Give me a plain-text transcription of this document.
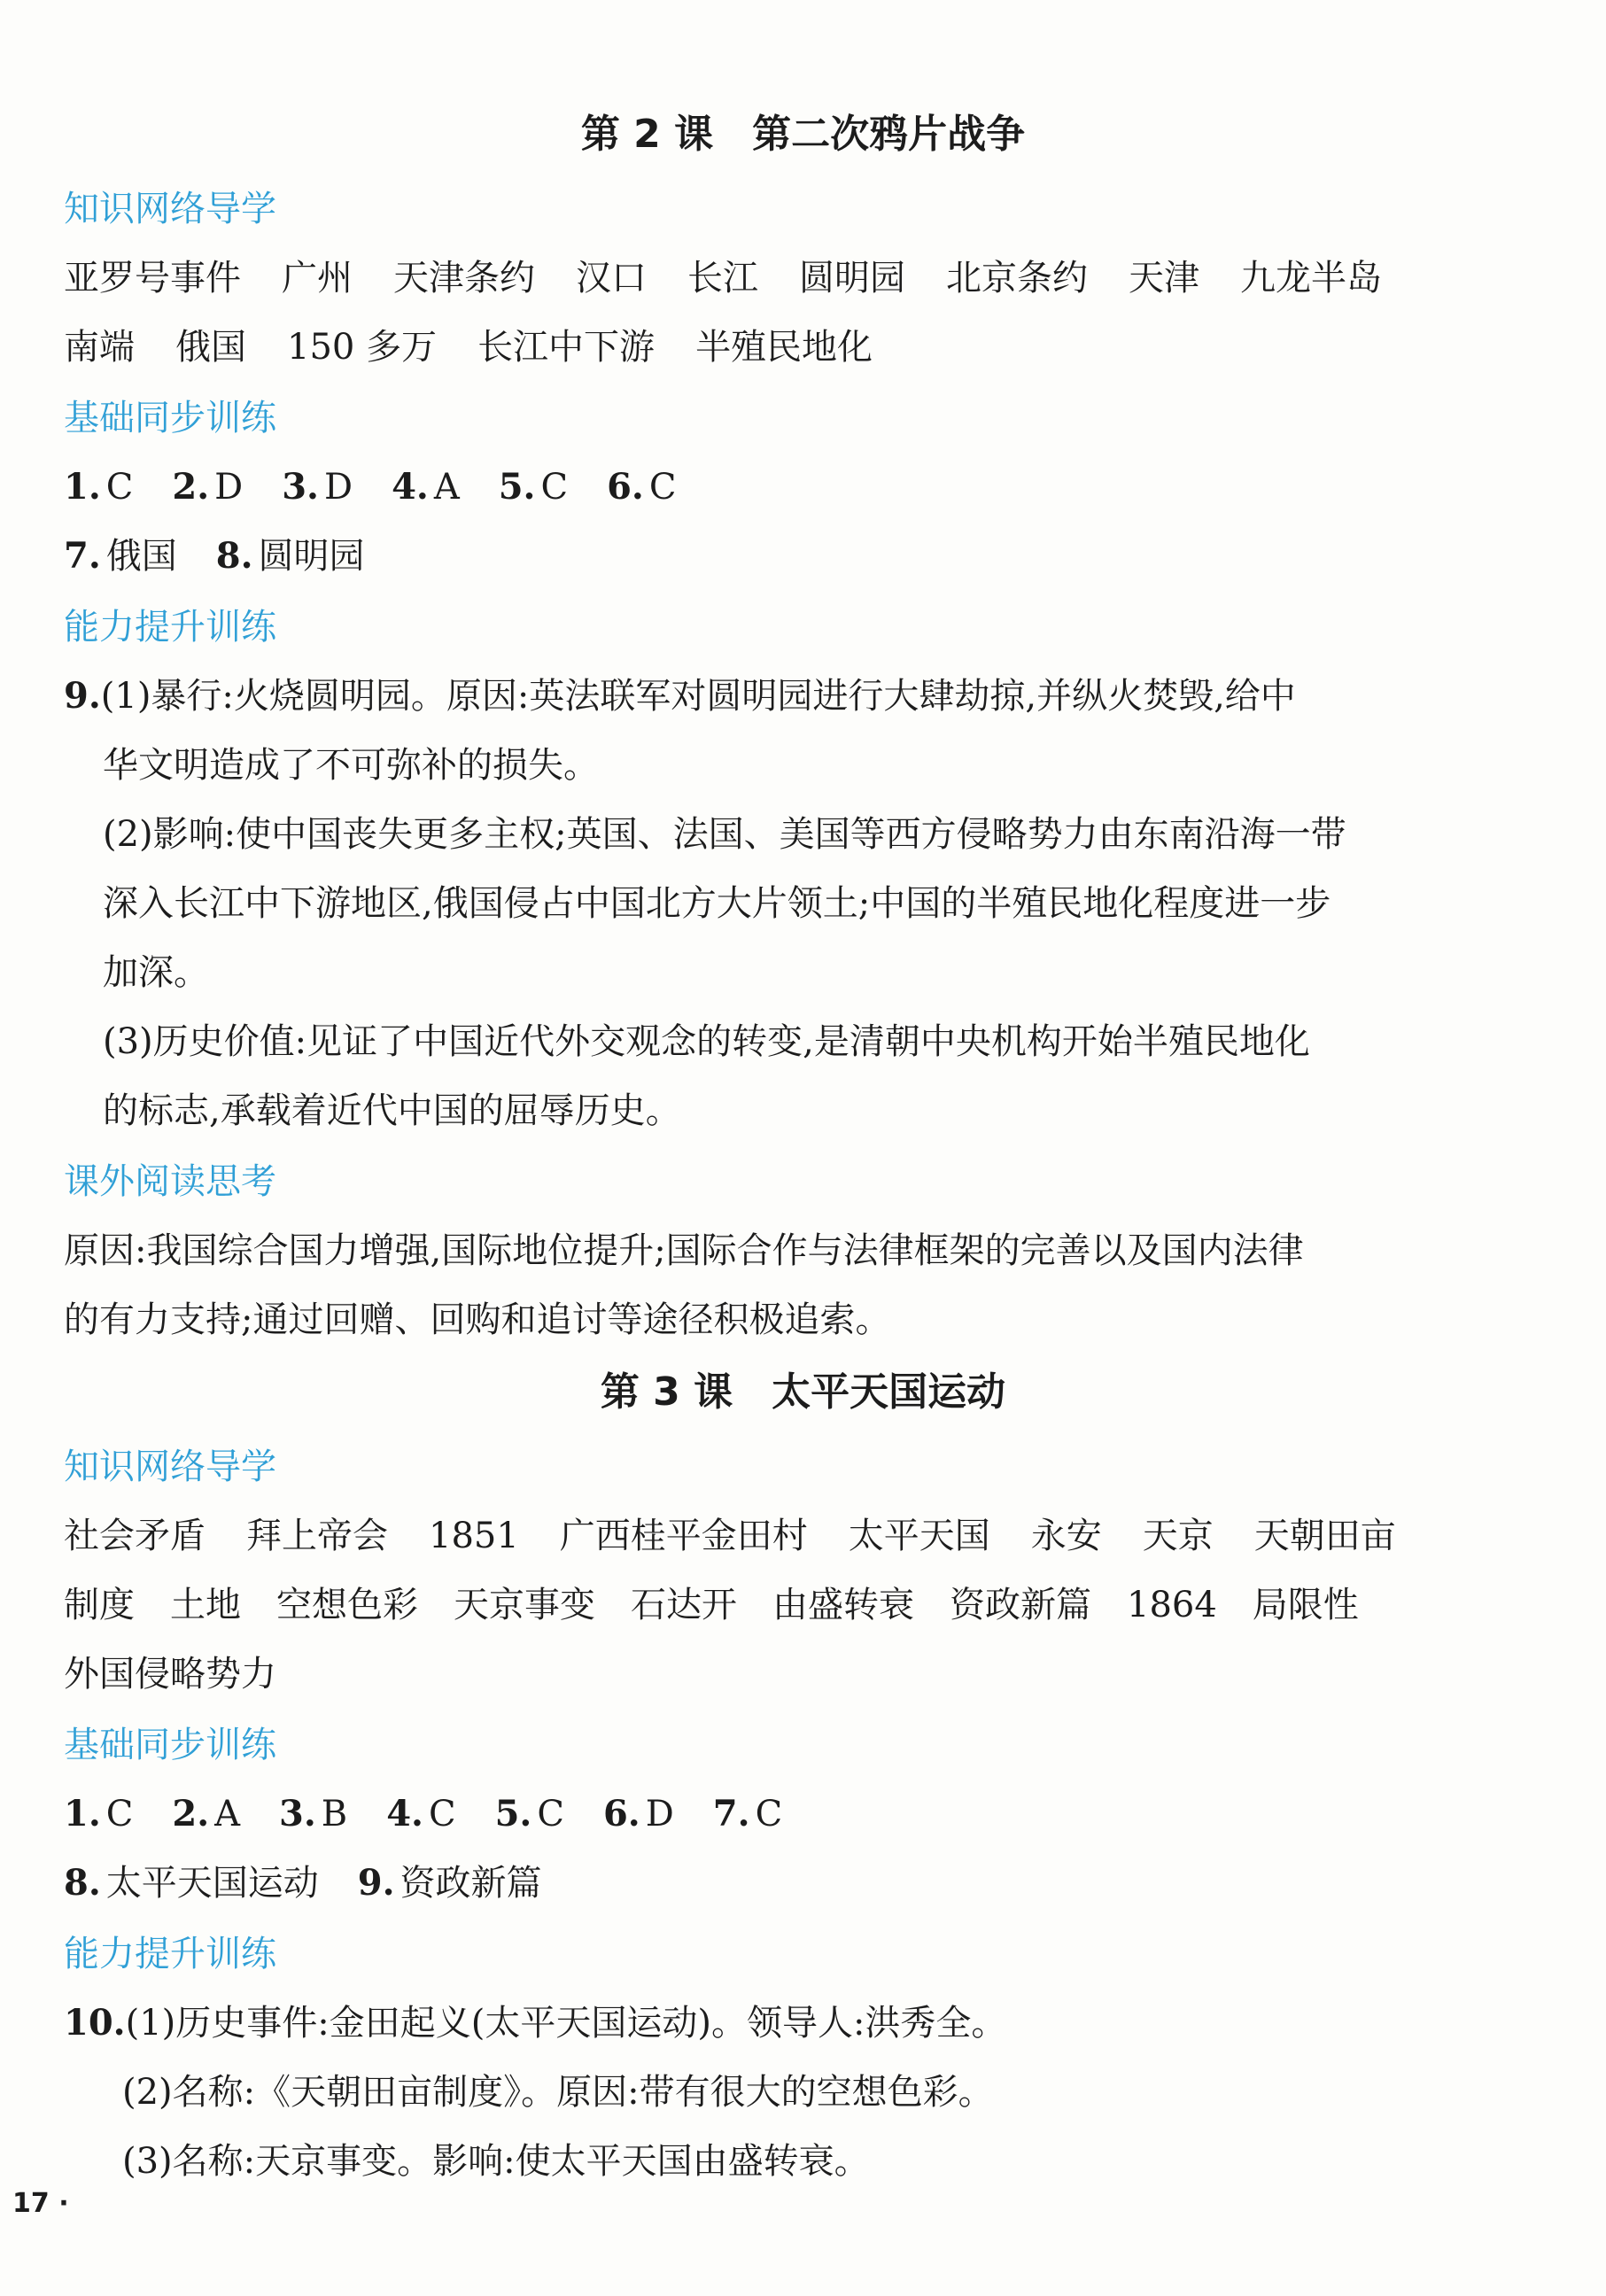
第 2 课　第二次鸦片战争
知识网络导学
亚罗号事件 广州 天津条约 汉口 长江 圆明园 北京条约 天津 九龙半岛
南端 俄国 150 多万 长江中下游 半殖民地化
基础同步训练
1. C 2. D 3. D 4. A 5. C 6. C
7. 俄国 8. 圆明园
能力提升训练
9.(1)暴行:火烧圆明园。原因:英法联军对圆明园进行大肆劫掠,并纵火焚毁,给中
华文明造成了不可弥补的损失。
(2)影响:使中国丧失更多主权;英国、法国、美国等西方侵略势力由东南沿海一带
深入长江中下游地区,俄国侵占中国北方大片领土;中国的半殖民地化程度进一步
加深。
(3)历史价值:见证了中国近代外交观念的转变,是清朝中央机构开始半殖民地化
的标志,承载着近代中国的屈辱历史。
课外阅读思考
原因:我国综合国力增强,国际地位提升;国际合作与法律框架的完善以及国内法律
的有力支持;通过回赠、回购和追讨等途径积极追索。
第 3 课　太平天国运动
知识网络导学
社会矛盾 拜上帝会 1851 广西桂平金田村 太平天国 永安 天京 天朝田亩
制度 土地 空想色彩 天京事变 石达开 由盛转衰 资政新篇 1864 局限性
外国侵略势力
基础同步训练
1. C 2. A 3. B 4. C 5. C 6. D 7. C
8. 太平天国运动 9. 资政新篇
能力提升训练
10.(1)历史事件:金田起义(太平天国运动)。领导人:洪秀全。
(2)名称:《天朝田亩制度》。原因:带有很大的空想色彩。
(3)名称:天京事变。影响:使太平天国由盛转衰。
17 ·
